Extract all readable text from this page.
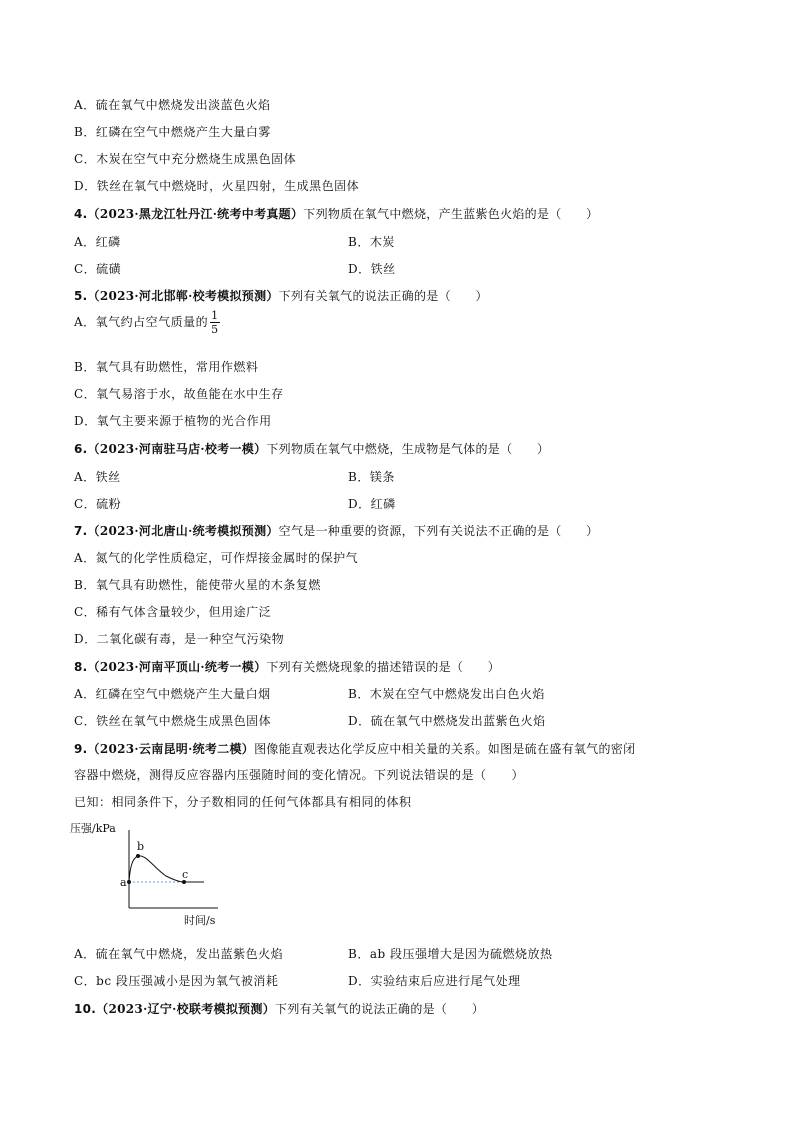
A．硫在氧气中燃烧发出淡蓝色火焰
B．红磷在空气中燃烧产生大量白雾
C．木炭在空气中充分燃烧生成黑色固体
D．铁丝在氧气中燃烧时，火星四射，生成黑色固体
4.（2023·黑龙江牡丹江·统考中考真题）下列物质在氧气中燃烧，产生蓝紫色火焰的是（　　）
A．红磷	B．木炭
C．硫磺	D．铁丝
5.（2023·河北邯郸·校考模拟预测）下列有关氧气的说法正确的是（　　）
A．氧气约占空气质量的 $\frac{1}{5}$
B．氧气具有助燃性，常用作燃料
C．氧气易溶于水，故鱼能在水中生存
D．氧气主要来源于植物的光合作用
6.（2023·河南驻马店·校考一模）下列物质在氧气中燃烧，生成物是气体的是（　　）
A．铁丝	B．镁条
C．硫粉	D．红磷
7.（2023·河北唐山·统考模拟预测）空气是一种重要的资源，下列有关说法不正确的是（　　）
A．氮气的化学性质稳定，可作焊接金属时的保护气
B．氧气具有助燃性，能使带火星的木条复燃
C．稀有气体含量较少，但用途广泛
D．二氧化碳有毒，是一种空气污染物
8.（2023·河南平顶山·统考一模）下列有关燃烧现象的描述错误的是（　　）
A．红磷在空气中燃烧产生大量白烟	B．木炭在空气中燃烧发出白色火焰
C．铁丝在氧气中燃烧生成黑色固体	D．硫在氧气中燃烧发出蓝紫色火焰
9.（2023·云南昆明·统考二模）图像能直观表达化学反应中相关量的关系。如图是硫在盛有氧气的密闭
容器中燃烧，测得反应容器内压强随时间的变化情况。下列说法错误的是（　　）
已知：相同条件下，分子数相同的任何气体都具有相同的体积
压强/kPa
时间/s
a
b
c
A．硫在氧气中燃烧，发出蓝紫色火焰	B．ab 段压强增大是因为硫燃烧放热
C．bc 段压强减小是因为氧气被消耗	D．实验结束后应进行尾气处理
10.（2023·辽宁·校联考模拟预测）下列有关氧气的说法正确的是（　　）
